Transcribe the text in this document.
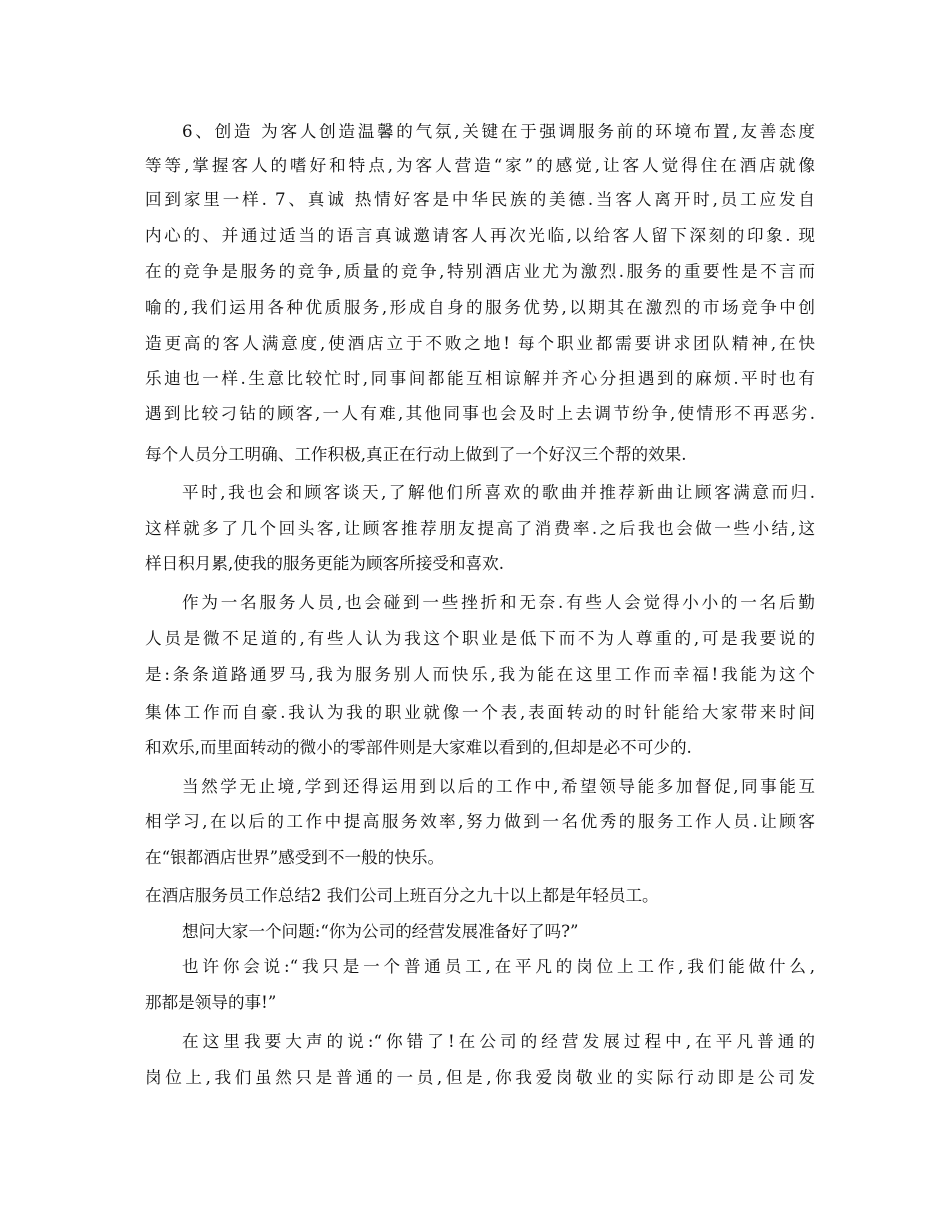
6、创造 为客人创造温馨的气氛,关键在于强调服务前的环境布置,友善态度
等等,掌握客人的嗜好和特点,为客人营造“家”的感觉,让客人觉得住在酒店就像
回到家里一样. 7、真诚 热情好客是中华民族的美德.当客人离开时,员工应发自
内心的、并通过适当的语言真诚邀请客人再次光临,以给客人留下深刻的印象. 现
在的竞争是服务的竞争,质量的竞争,特别酒店业尤为激烈.服务的重要性是不言而
喻的,我们运用各种优质服务,形成自身的服务优势,以期其在激烈的市场竞争中创
造更高的客人满意度,使酒店立于不败之地! 每个职业都需要讲求团队精神,在快
乐迪也一样.生意比较忙时,同事间都能互相谅解并齐心分担遇到的麻烦.平时也有
遇到比较刁钻的顾客,一人有难,其他同事也会及时上去调节纷争,使情形不再恶劣.
每个人员分工明确、工作积极,真正在行动上做到了一个好汉三个帮的效果.
平时,我也会和顾客谈天,了解他们所喜欢的歌曲并推荐新曲让顾客满意而归.
这样就多了几个回头客,让顾客推荐朋友提高了消费率.之后我也会做一些小结,这
样日积月累,使我的服务更能为顾客所接受和喜欢.
作为一名服务人员,也会碰到一些挫折和无奈.有些人会觉得小小的一名后勤
人员是微不足道的,有些人认为我这个职业是低下而不为人尊重的,可是我要说的
是:条条道路通罗马,我为服务别人而快乐,我为能在这里工作而幸福!我能为这个
集体工作而自豪.我认为我的职业就像一个表,表面转动的时针能给大家带来时间
和欢乐,而里面转动的微小的零部件则是大家难以看到的,但却是必不可少的.
当然学无止境,学到还得运用到以后的工作中,希望领导能多加督促,同事能互
相学习,在以后的工作中提高服务效率,努力做到一名优秀的服务工作人员.让顾客
在“银都酒店世界”感受到不一般的快乐。
在酒店服务员工作总结2 我们公司上班百分之九十以上都是年轻员工。
想问大家一个问题:“你为公司的经营发展准备好了吗?”
也许你会说:“我只是一个普通员工,在平凡的岗位上工作,我们能做什么,
那都是领导的事!”
在这里我要大声的说:“你错了!在公司的经营发展过程中,在平凡普通的
岗位上,我们虽然只是普通的一员,但是,你我爱岗敬业的实际行动即是公司发
